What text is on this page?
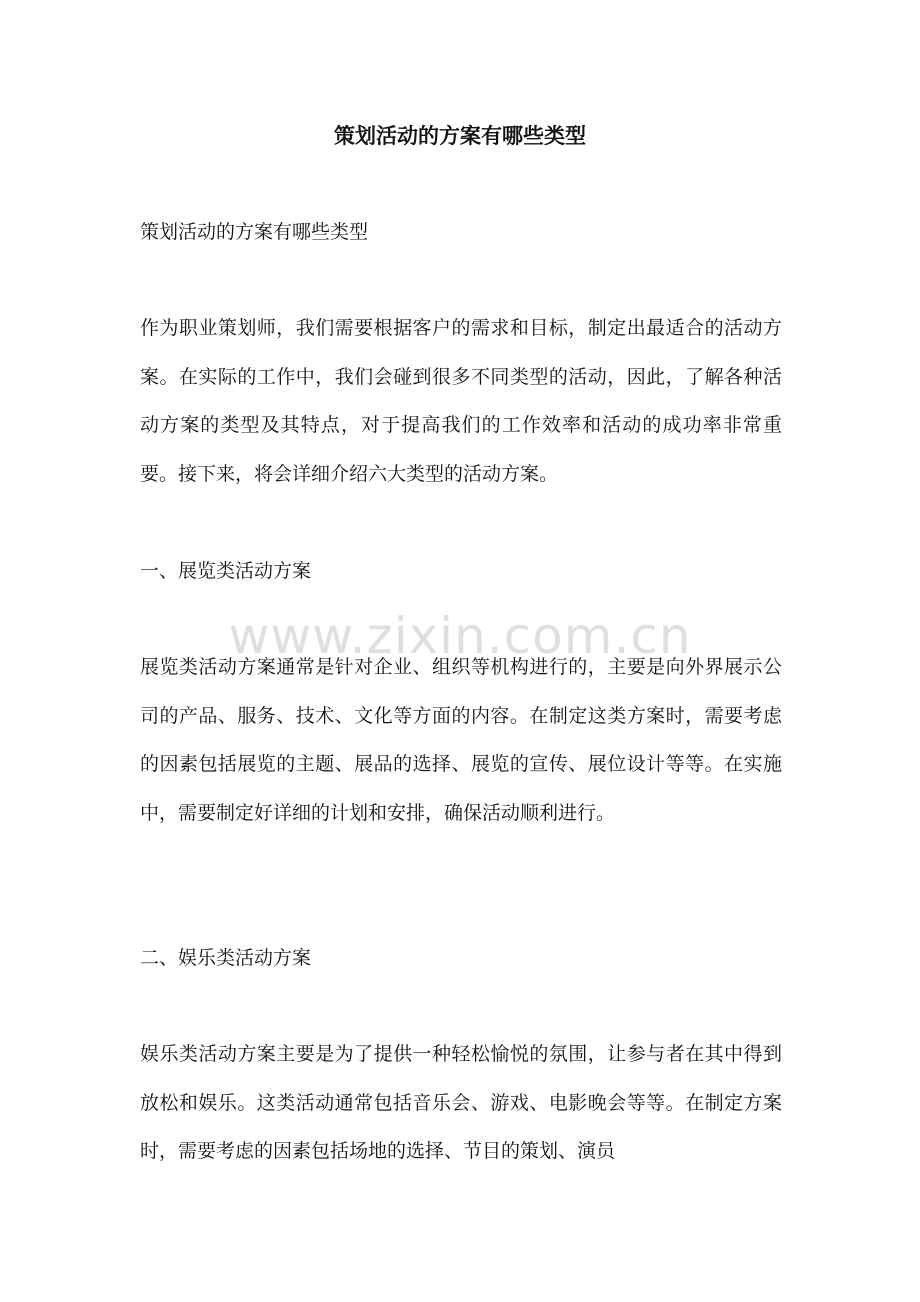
策划活动的方案有哪些类型

策划活动的方案有哪些类型

作为职业策划师，我们需要根据客户的需求和目标，制定出最适合的活动方案。在实际的工作中，我们会碰到很多不同类型的活动，因此，了解各种活动方案的类型及其特点，对于提高我们的工作效率和活动的成功率非常重要。接下来，将会详细介绍六大类型的活动方案。

一、展览类活动方案

www.zixin.com.cn

展览类活动方案通常是针对企业、组织等机构进行的，主要是向外界展示公司的产品、服务、技术、文化等方面的内容。在制定这类方案时，需要考虑的因素包括展览的主题、展品的选择、展览的宣传、展位设计等等。在实施中，需要制定好详细的计划和安排，确保活动顺利进行。

二、娱乐类活动方案

娱乐类活动方案主要是为了提供一种轻松愉悦的氛围，让参与者在其中得到放松和娱乐。这类活动通常包括音乐会、游戏、电影晚会等等。在制定方案时，需要考虑的因素包括场地的选择、节目的策划、演员
